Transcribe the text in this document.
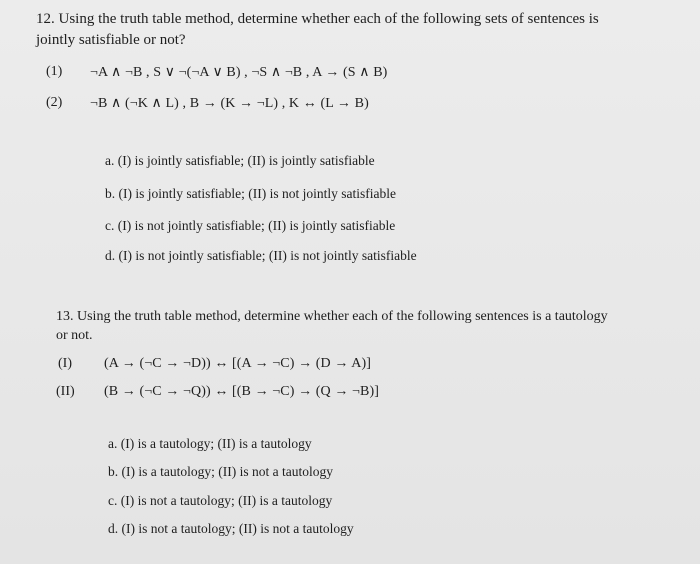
12. Using the truth table method, determine whether each of the following sets of sentences is
jointly satisfiable or not?
(1) ¬A ∧ ¬B , S ∨ ¬(¬A ∨ B) , ¬S ∧ ¬B , A → (S ∧ B)
(2) ¬B ∧ (¬K ∧ L) , B → (K → ¬L) , K ↔ (L → B)
a. (I) is jointly satisfiable; (II) is jointly satisfiable
b. (I) is jointly satisfiable; (II) is not jointly satisfiable
c. (I) is not jointly satisfiable; (II) is jointly satisfiable
d. (I) is not jointly satisfiable; (II) is not jointly satisfiable
13. Using the truth table method, determine whether each of the following sentences is a tautology
or not.
(I) (A → (¬C → ¬D)) ↔ [(A → ¬C) → (D → A)]
(II) (B → (¬C → ¬Q)) ↔ [(B → ¬C) → (Q → ¬B)]
a. (I) is a tautology; (II) is a tautology
b. (I) is a tautology; (II) is not a tautology
c. (I) is not a tautology; (II) is a tautology
d. (I) is not a tautology; (II) is not a tautology
